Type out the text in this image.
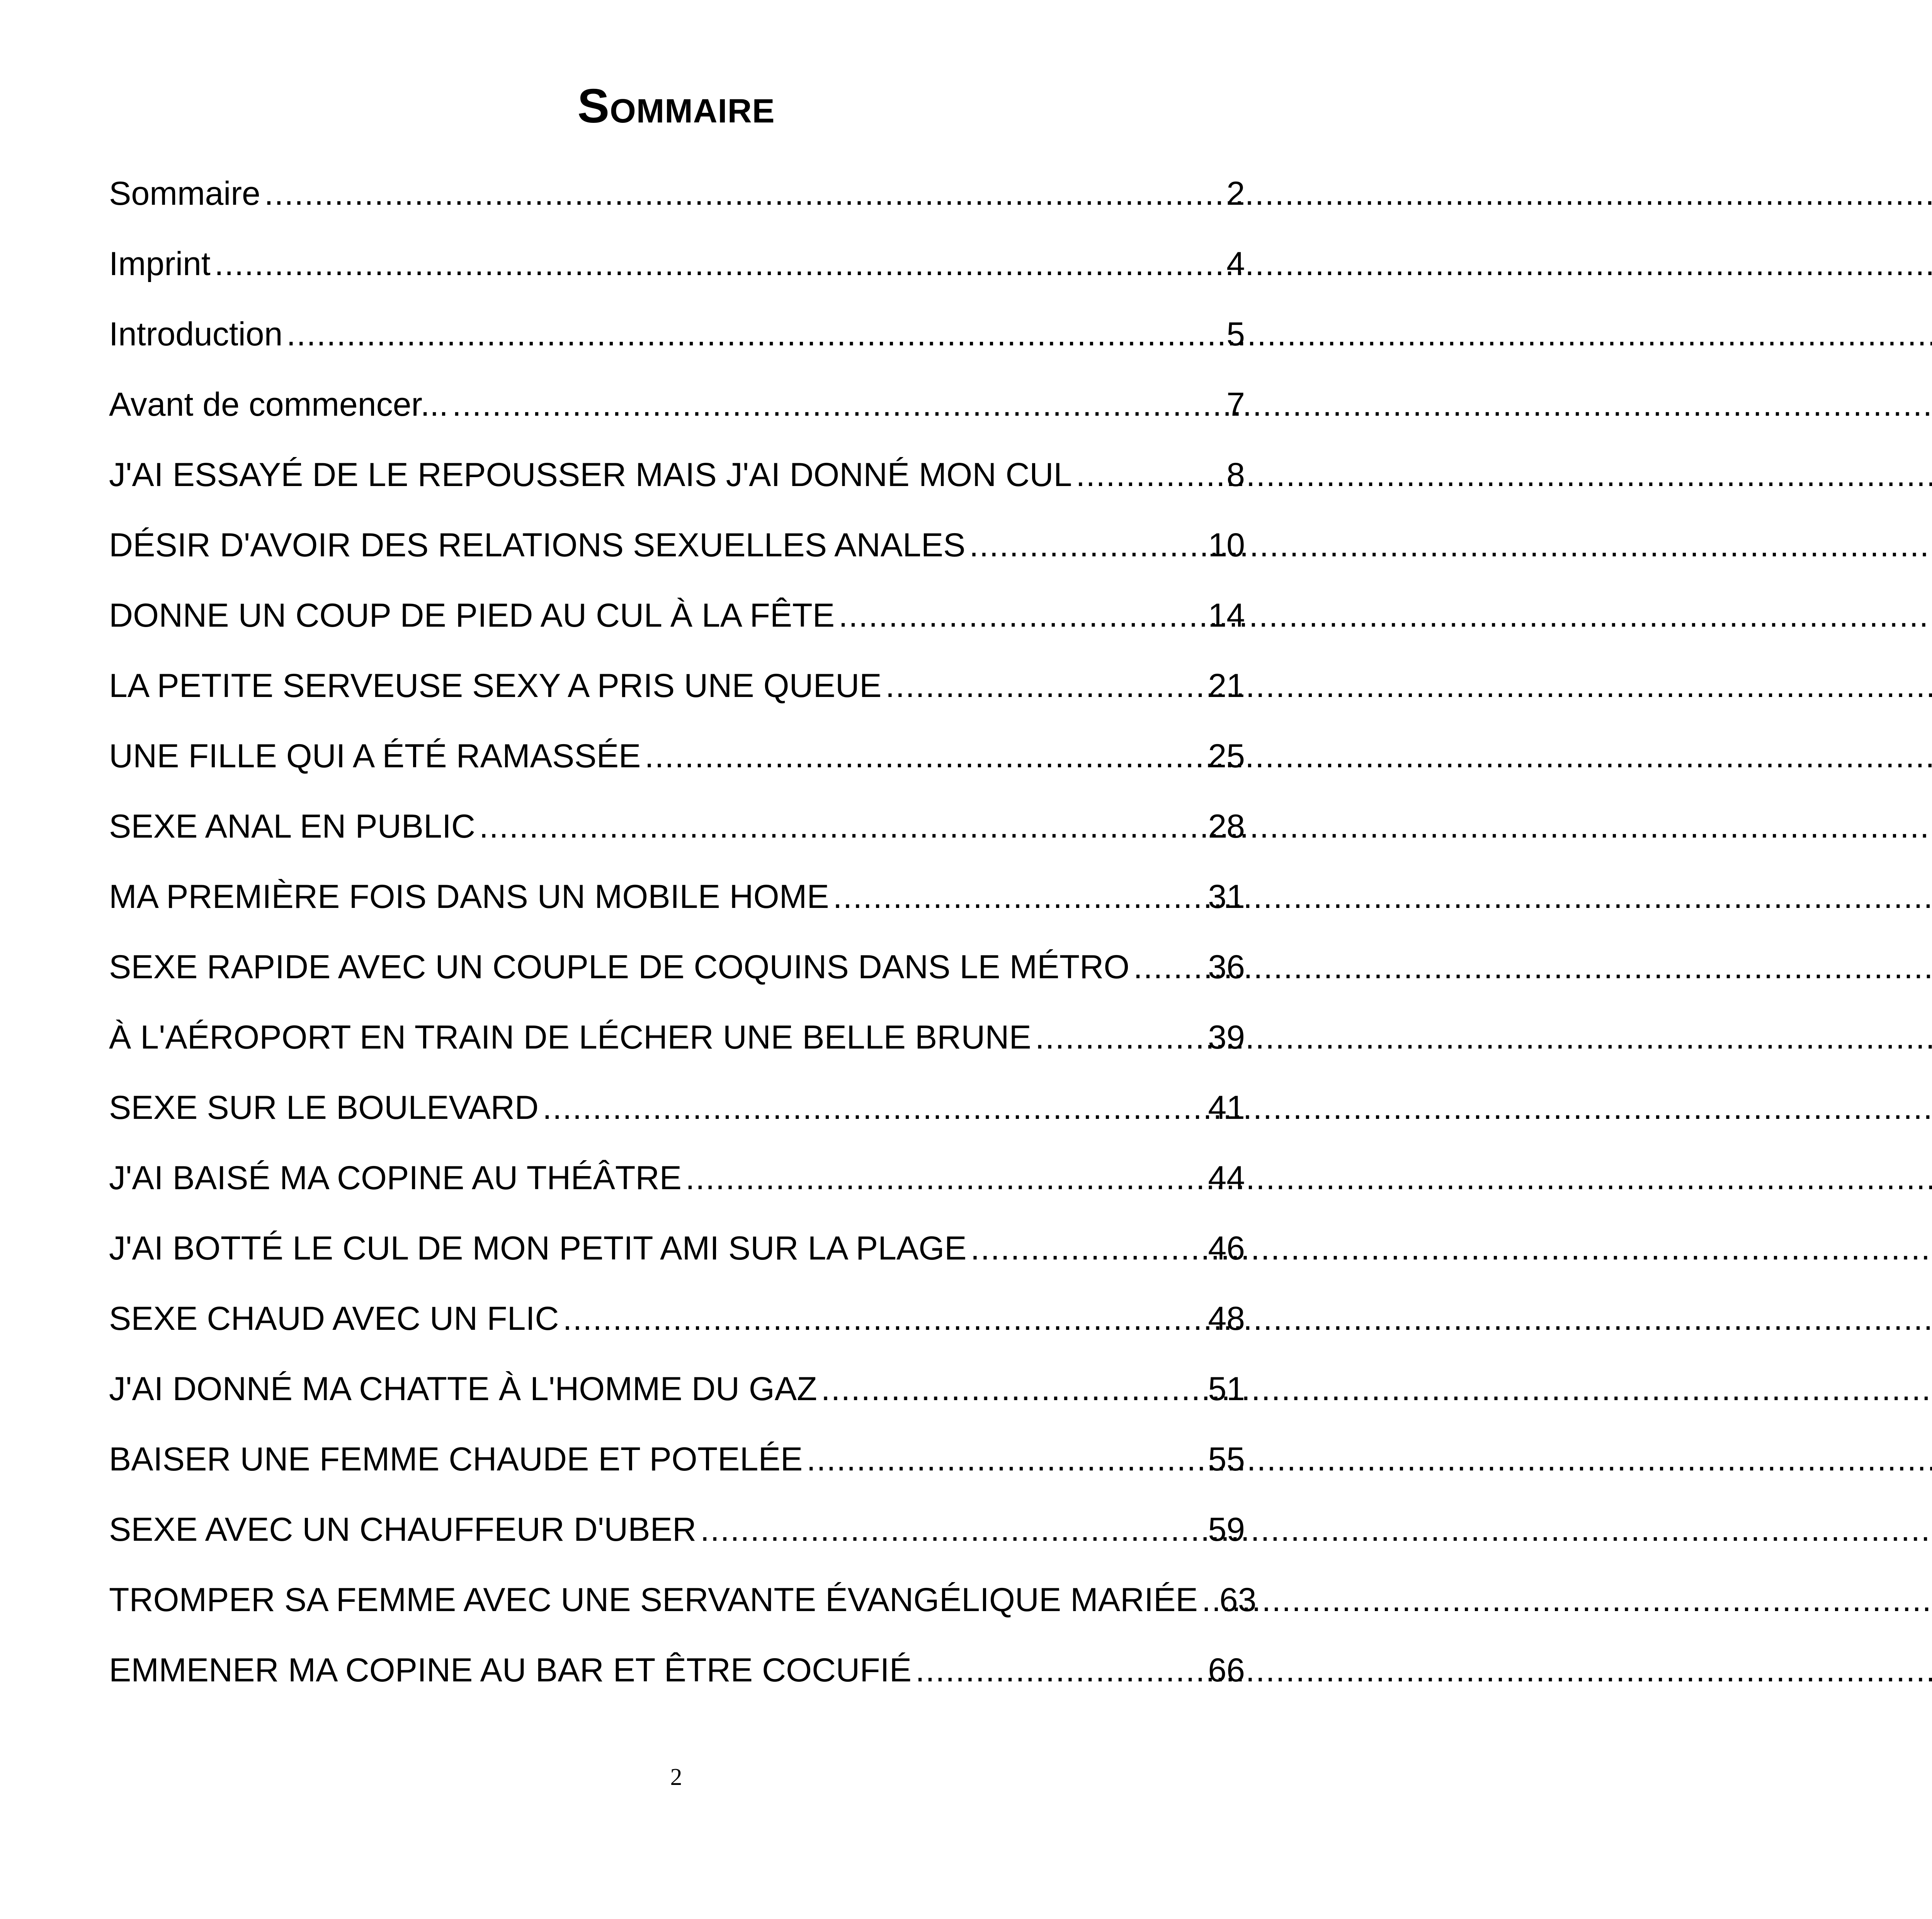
Sommaire
Sommaire .....	2
Imprint .....	4
Introduction .....	5
Avant de commencer... .....	7
J'AI ESSAYÉ DE LE REPOUSSER MAIS J'AI DONNÉ MON CUL .....	8
DÉSIR D'AVOIR DES RELATIONS SEXUELLES ANALES .....	10
DONNE UN COUP DE PIED AU CUL À LA FÊTE .....	14
LA PETITE SERVEUSE SEXY A PRIS UNE QUEUE .....	21
UNE FILLE QUI A ÉTÉ RAMASSÉE .....	25
SEXE ANAL EN PUBLIC .....	28
MA PREMIÈRE FOIS DANS UN MOBILE HOME .....	31
SEXE RAPIDE AVEC UN COUPLE DE COQUINS DANS LE MÉTRO ..... 36
À L'AÉROPORT EN TRAIN DE LÉCHER UNE BELLE BRUNE .....	39
SEXE SUR LE BOULEVARD .....	41
J'AI BAISÉ MA COPINE AU THÉÂTRE .....	44
J'AI BOTTÉ LE CUL DE MON PETIT AMI SUR LA PLAGE .....	46
SEXE CHAUD AVEC UN FLIC .....	48
J'AI DONNÉ MA CHATTE À L'HOMME DU GAZ .....	51
BAISER UNE FEMME CHAUDE ET POTELÉE .....	55
SEXE AVEC UN CHAUFFEUR D'UBER .....	59
TROMPER SA FEMME AVEC UNE SERVANTE ÉVANGÉLIQUE MARIÉE ..... 63
EMMENER MA COPINE AU BAR ET ÊTRE COCUFIÉ .....	66
2
